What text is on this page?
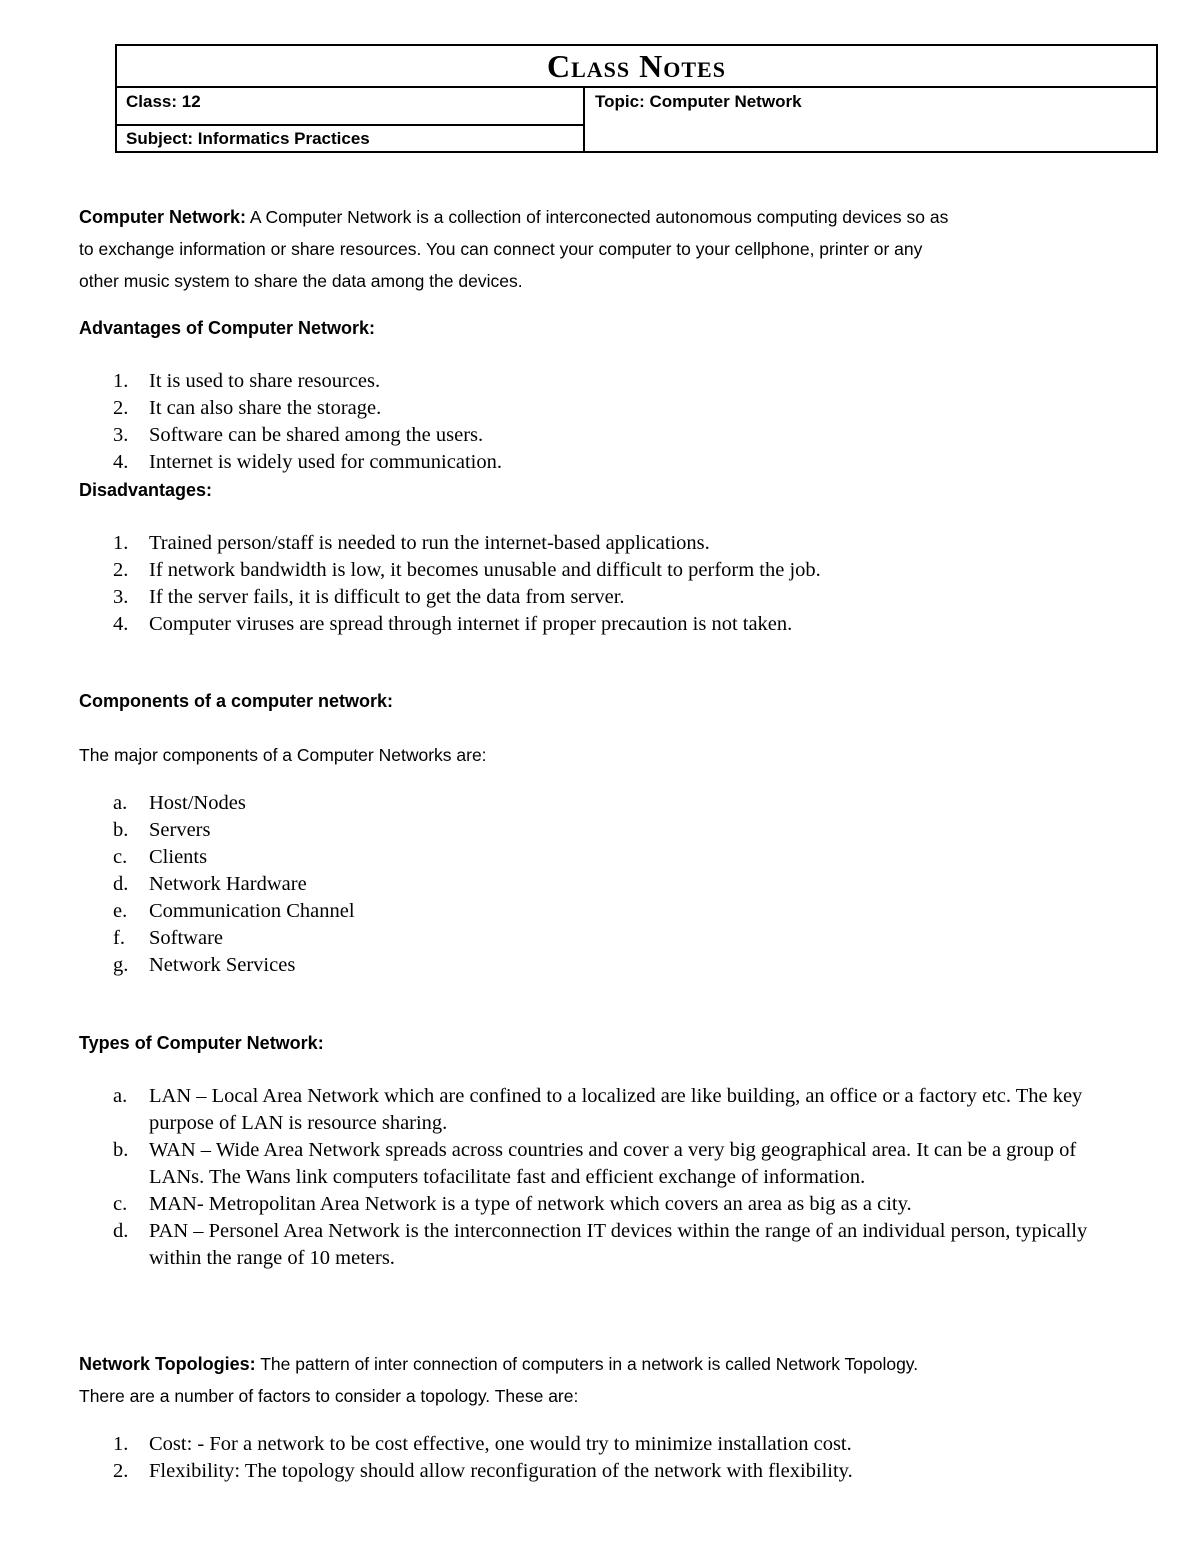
Class Notes
Class: 12
Subject: Informatics Practices
Topic: Computer Network
Computer Network: A Computer Network is a collection of interconected autonomous computing devices so as
to exchange information or share resources. You can connect your computer to your cellphone, printer or any
other music system to share the data among the devices.
Advantages of Computer Network:
1.	It is used to share resources.
2.	It can also share the storage.
3.	Software can be shared among the users.
4.	Internet is widely used for communication.
Disadvantages:
1.	Trained person/staff is needed to run the internet-based applications.
2.	If network bandwidth is low, it becomes unusable and difficult to perform the job.
3.	If the server fails, it is difficult to get the data from server.
4.	Computer viruses are spread through internet if proper precaution is not taken.
Components of a computer network:
The major components of a Computer Networks are:
a.	Host/Nodes
b.	Servers
c.	Clients
d.	Network Hardware
e.	Communication Channel
f.	Software
g.	Network Services
Types of Computer Network:
a.	LAN – Local Area Network which are confined to a localized are like building, an office or a factory etc. The key purpose of LAN is resource sharing.
b.	WAN – Wide Area Network spreads across countries and cover a very big geographical area. It can be a group of LANs. The Wans link computers tofacilitate fast and efficient exchange of information.
c.	MAN- Metropolitan Area Network is a type of network which covers an area as big as a city.
d.	PAN – Personel Area Network is the interconnection IT devices within the range of an individual person, typically within the range of 10 meters.
Network Topologies: The pattern of inter connection of computers in a network is called Network Topology.
There are a number of factors to consider a topology. These are:
1.	Cost: - For a network to be cost effective, one would try to minimize installation cost.
2.	Flexibility: The topology should allow reconfiguration of the network with flexibility.
